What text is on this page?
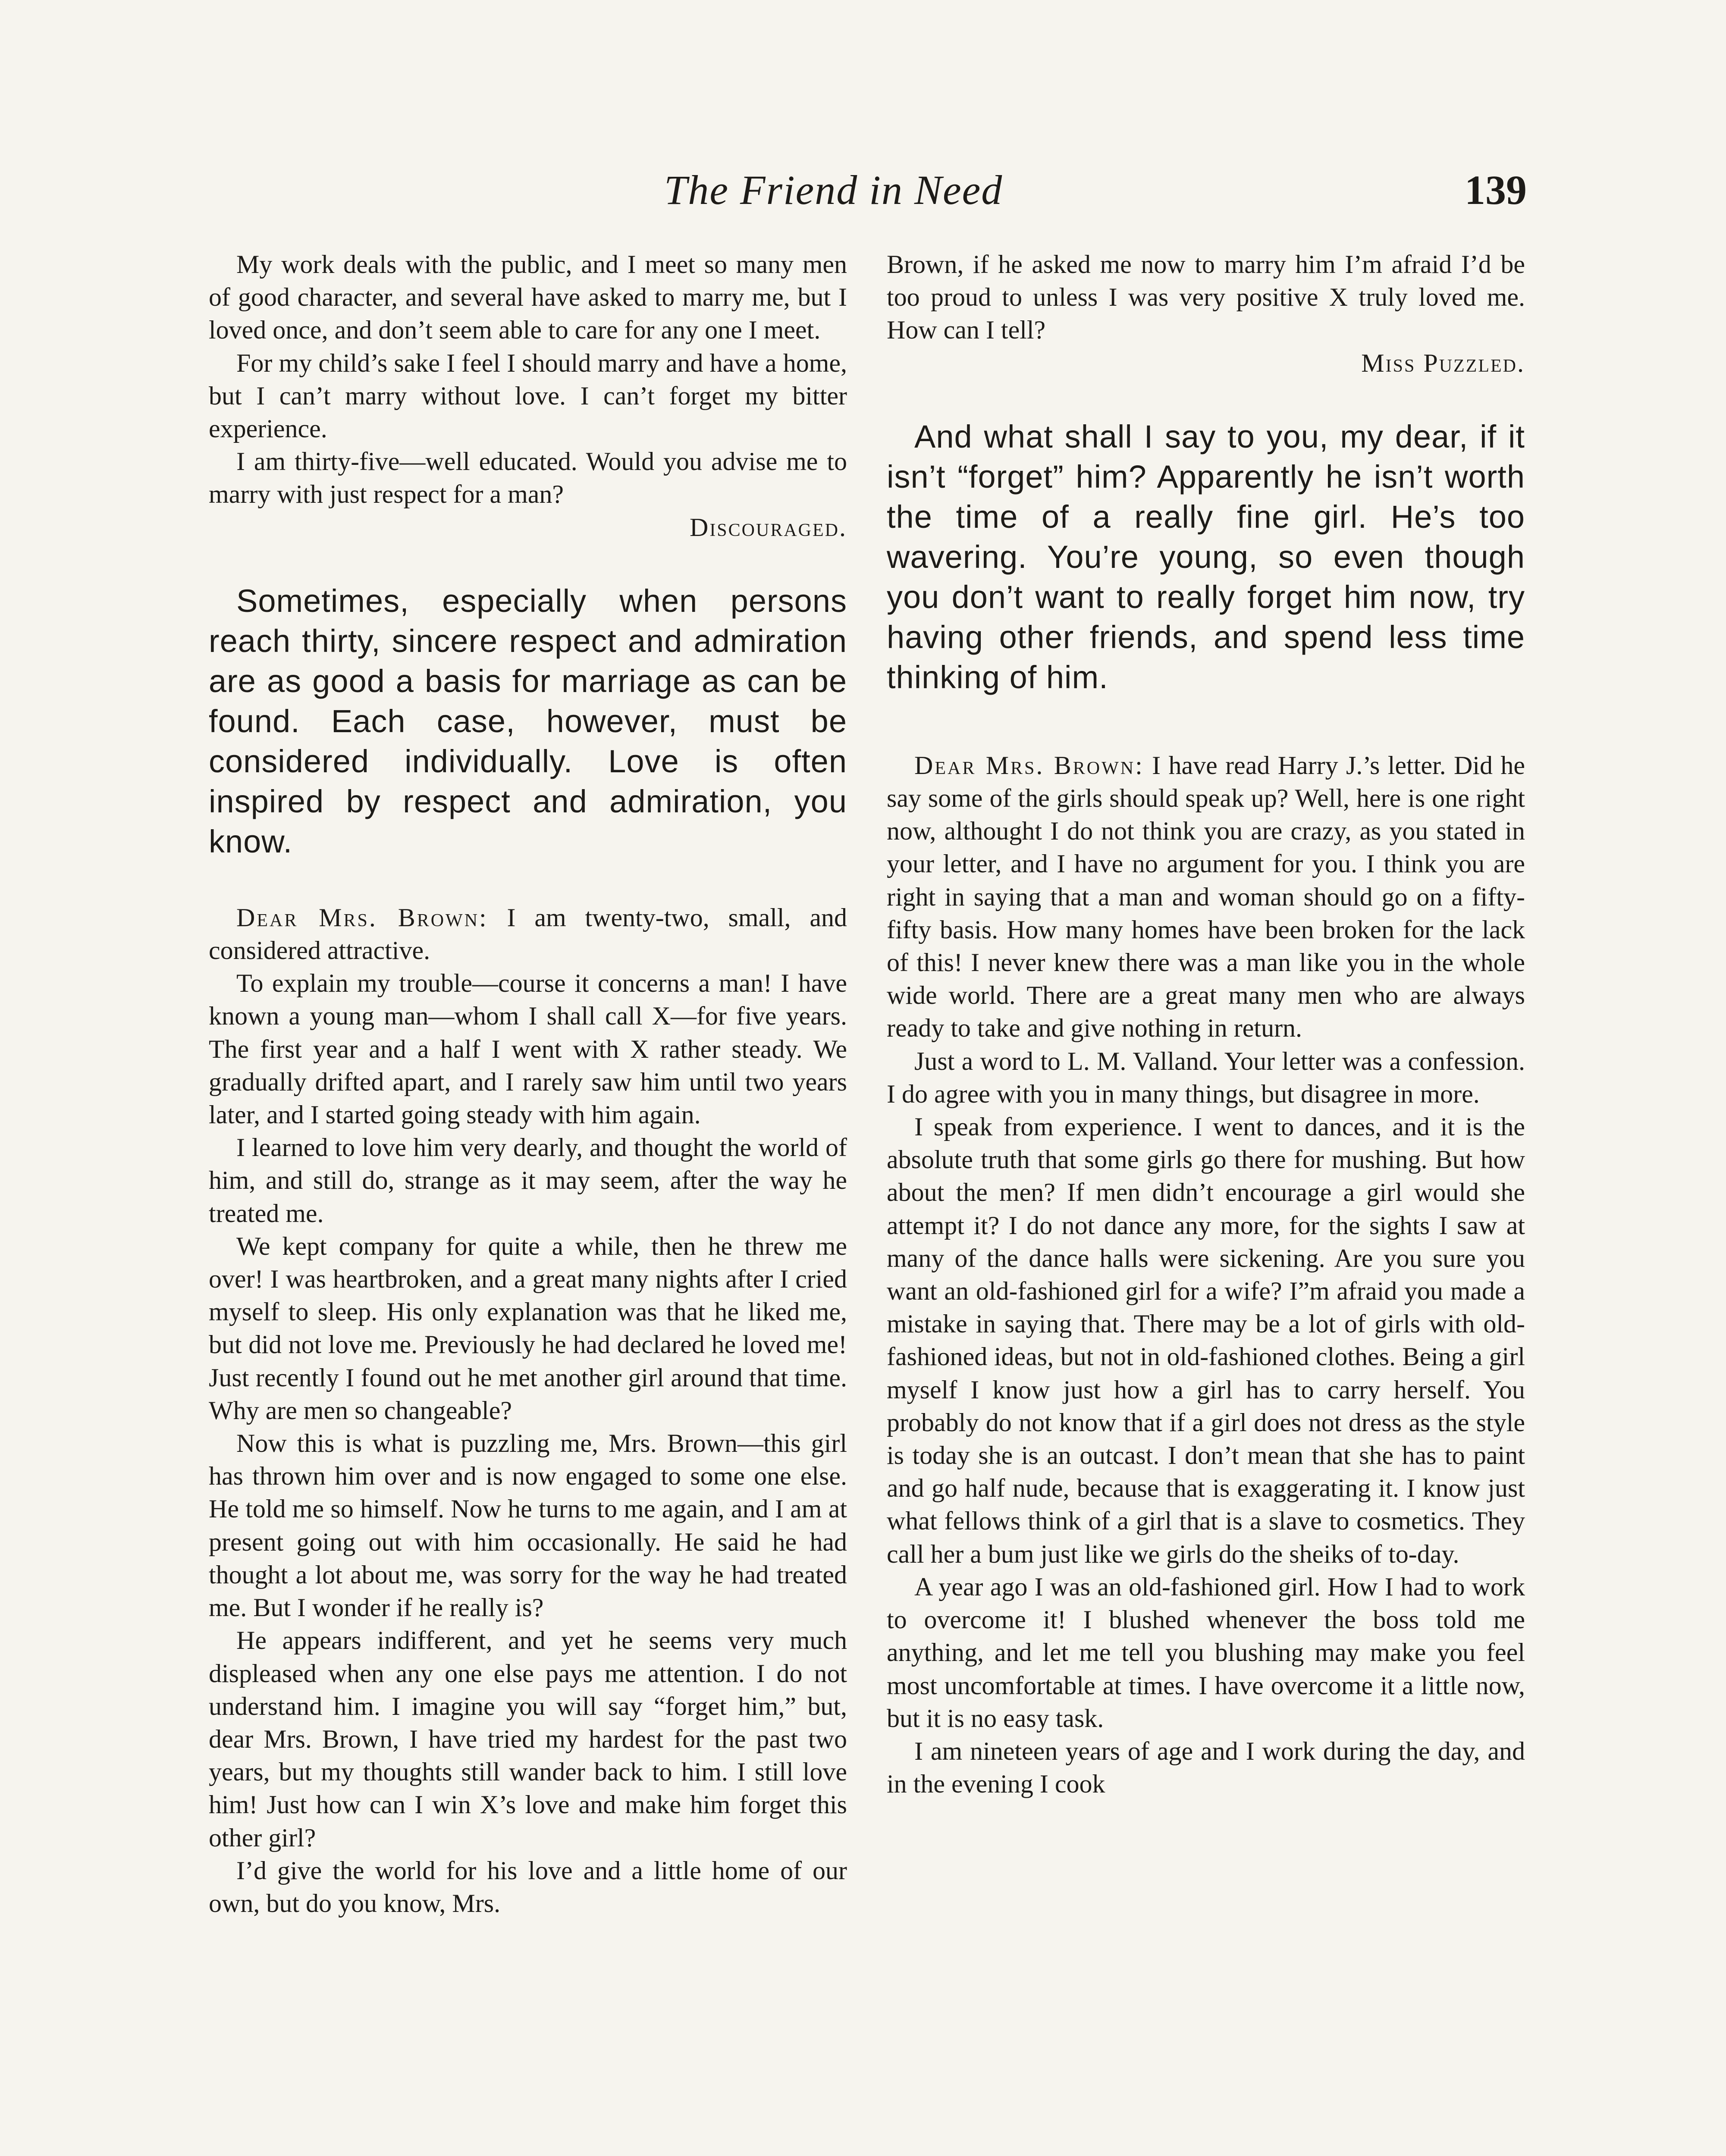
The Friend in Need	139

My work deals with the public, and I meet so many men of good character, and several have asked to marry me, but I loved once, and don’t seem able to care for any one I meet.

For my child’s sake I feel I should marry and have a home, but I can’t marry without love. I can’t forget my bitter experience.

I am thirty-five—well educated. Would you advise me to marry with just respect for a man?

Discouraged.

Sometimes, especially when persons reach thirty, sincere respect and admiration are as good a basis for marriage as can be found. Each case, however, must be considered individually. Love is often inspired by respect and admiration, you know.

Dear Mrs. Brown: I am twenty-two, small, and considered attractive.

To explain my trouble—course it concerns a man! I have known a young man—whom I shall call X—for five years. The first year and a half I went with X rather steady. We gradually drifted apart, and I rarely saw him until two years later, and I started going steady with him again.

I learned to love him very dearly, and thought the world of him, and still do, strange as it may seem, after the way he treated me.

We kept company for quite a while, then he threw me over! I was heartbroken, and a great many nights after I cried myself to sleep. His only explanation was that he liked me, but did not love me. Previously he had declared he loved me! Just recently I found out he met another girl around that time. Why are men so changeable?

Now this is what is puzzling me, Mrs. Brown—this girl has thrown him over and is now engaged to some one else. He told me so himself. Now he turns to me again, and I am at present going out with him occasionally. He said he had thought a lot about me, was sorry for the way he had treated me. But I wonder if he really is?

He appears indifferent, and yet he seems very much displeased when any one else pays me attention. I do not understand him. I imagine you will say “forget him,” but, dear Mrs. Brown, I have tried my hardest for the past two years, but my thoughts still wander back to him. I still love him! Just how can I win X’s love and make him forget this other girl?

I’d give the world for his love and a little home of our own, but do you know, Mrs.

Brown, if he asked me now to marry him I’m afraid I’d be too proud to unless I was very positive X truly loved me. How can I tell?

Miss Puzzled.

And what shall I say to you, my dear, if it isn’t “forget” him? Apparently he isn’t worth the time of a really fine girl. He’s too wavering. You’re young, so even though you don’t want to really forget him now, try having other friends, and spend less time thinking of him.

Dear Mrs. Brown: I have read Harry J.’s letter. Did he say some of the girls should speak up? Well, here is one right now, althought I do not think you are crazy, as you stated in your letter, and I have no argument for you. I think you are right in saying that a man and woman should go on a fifty-fifty basis. How many homes have been broken for the lack of this! I never knew there was a man like you in the whole wide world. There are a great many men who are always ready to take and give nothing in return.

Just a word to L. M. Valland. Your letter was a confession. I do agree with you in many things, but disagree in more.

I speak from experience. I went to dances, and it is the absolute truth that some girls go there for mushing. But how about the men? If men didn’t encourage a girl would she attempt it? I do not dance any more, for the sights I saw at many of the dance halls were sickening. Are you sure you want an old-fashioned girl for a wife? I”m afraid you made a mistake in saying that. There may be a lot of girls with old-fashioned ideas, but not in old-fashioned clothes. Being a girl myself I know just how a girl has to carry herself. You probably do not know that if a girl does not dress as the style is today she is an outcast. I don’t mean that she has to paint and go half nude, because that is exaggerating it. I know just what fellows think of a girl that is a slave to cosmetics. They call her a bum just like we girls do the sheiks of to-day.

A year ago I was an old-fashioned girl. How I had to work to overcome it! I blushed whenever the boss told me anything, and let me tell you blushing may make you feel most uncomfortable at times. I have overcome it a little now, but it is no easy task.

I am nineteen years of age and I work during the day, and in the evening I cook
